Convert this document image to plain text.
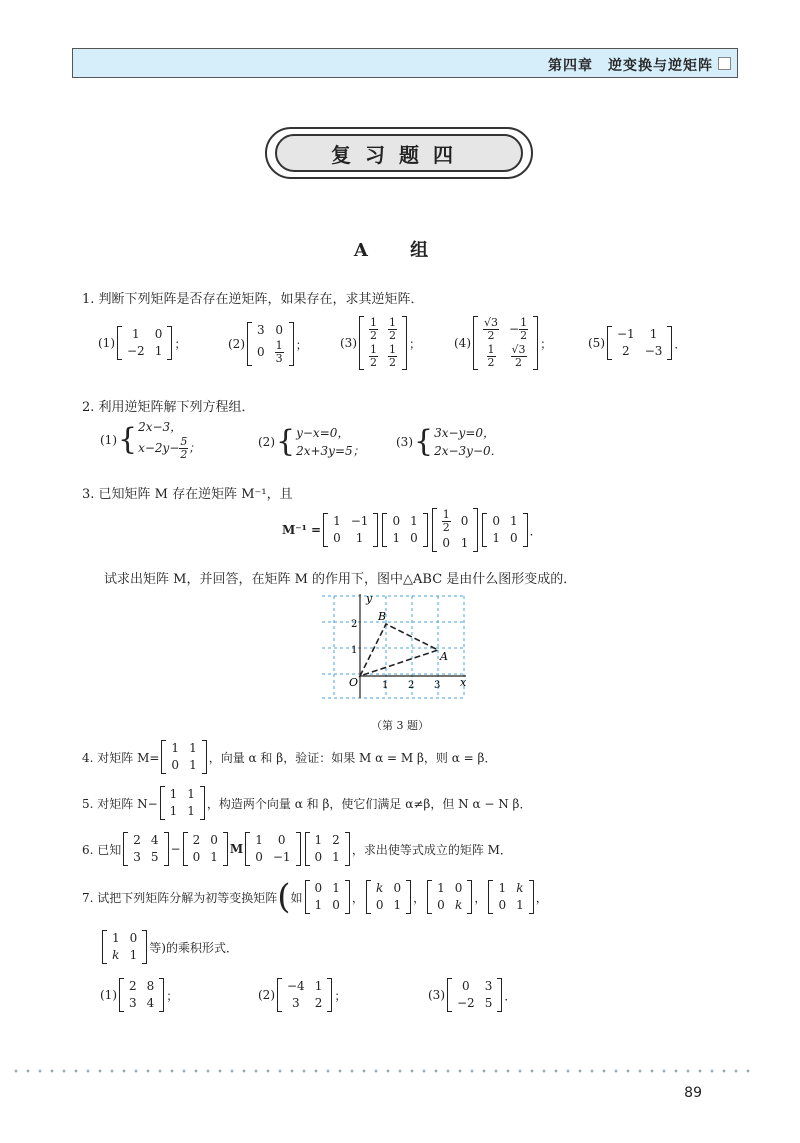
第四章　逆变换与逆矩阵
复习题四
A 组
1. 判断下列矩阵是否存在逆矩阵，如果存在，求其逆矩阵．
(1)
1	0
−2	1
；	(2)
3	0
0	$\frac{1}{3}$ ；	(3)
$\frac{1}{2}$	$\frac{1}{2}$

$\frac{1}{2}$	$\frac{1}{2}$
；	(4)
$\frac{√3}{2}$	− $\frac{1}{2}$

$\frac{1}{2}$	$\frac{√3}{2}$
；	(5)
−1	1
2	−3
．
2. 利用逆矩阵解下列方程组．
(1) { 2x−3，
$x-2y- \frac{5}{2}$ ；	(2) { y−x=0，
2x+3y=5；
(3) { 3x−y=0，
2x−3y−0．
3. 已知矩阵 M 存在逆矩阵 M⁻¹，且
M⁻¹ =
1	−1
0	1
0	1
1	0
$\frac{1}{2}$	0
0	1
0	1
1	0
．
试求出矩阵 M，并回答，在矩阵 M 的作用下，图中△ABC 是由什么图形变成的．
y
x
O
B
A
1 2 3
1
2
（第 3 题）
4. 对矩阵 M=
1	1
0	1
，向量 α 和 β，验证：如果 M α = M β，则 α = β．
5. 对矩阵 N−
1	1
1	1
，构造两个向量 α 和 β，使它们满足 α≠β，但 N α − N β．
6. 已知
2	4
3	5
−
2	0
0	1
M
1	0
0	−1
1	2
0	1
，求出使等式成立的矩阵 M．
7. 试把下列矩阵分解为初等变换矩阵 ( 如
0	1
1	0
，
k	0
0	1
，
1	0
0	k
，
1	k
0	1
，
1	0
k	1
等)的乘积形式．
(1)
2	8
3	4
；	(2)
−4	1
3	2
；	(3)
0	3
−2	5
．
89
